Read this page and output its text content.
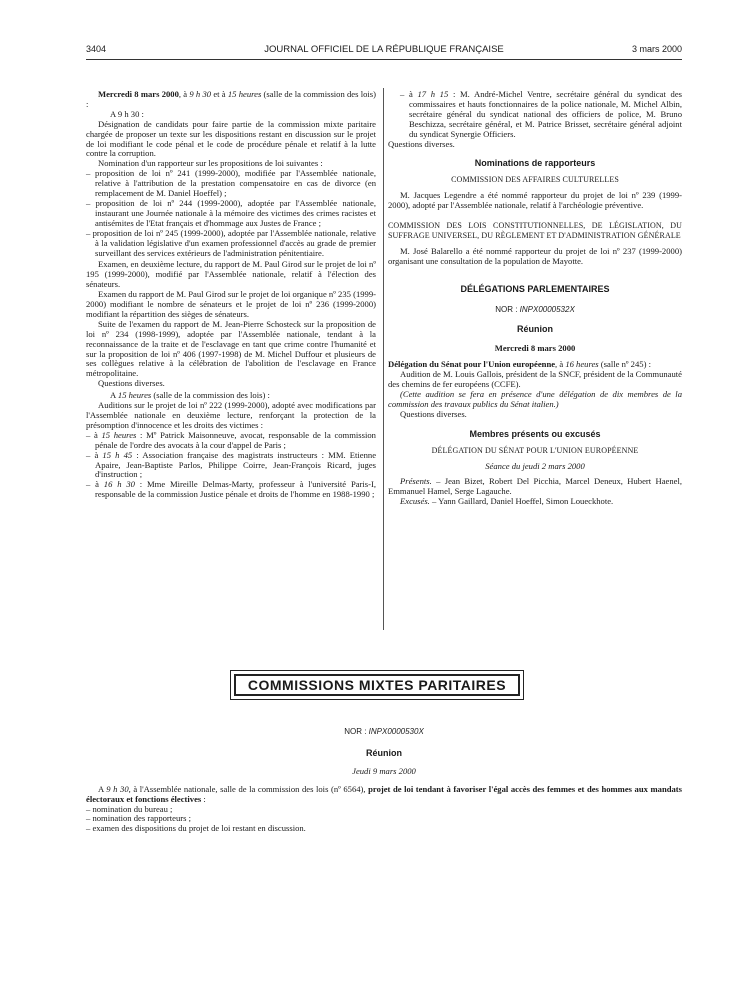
3404	JOURNAL OFFICIEL DE LA RÉPUBLIQUE FRANÇAISE	3 mars 2000

Mercredi 8 mars 2000, à 9 h 30 et à 15 heures (salle de la commission des lois) :

A 9 h 30 :

Désignation de candidats pour faire partie de la commission mixte paritaire chargée de proposer un texte sur les dispositions restant en discussion sur le projet de loi modifiant le code pénal et le code de procédure pénale et relatif à la lutte contre la corruption.

Nomination d'un rapporteur sur les propositions de loi suivantes :

– proposition de loi nº 241 (1999-2000), modifiée par l'Assemblée nationale, relative à l'attribution de la prestation compensatoire en cas de divorce (en remplacement de M. Daniel Hoeffel) ;

– proposition de loi nº 244 (1999-2000), adoptée par l'Assemblée nationale, instaurant une Journée nationale à la mémoire des victimes des crimes racistes et antisémites de l'Etat français et d'hommage aux Justes de France ;

– proposition de loi nº 245 (1999-2000), adoptée par l'Assemblée nationale, relative à la validation législative d'un examen professionnel d'accès au grade de premier surveillant des services extérieurs de l'administration pénitentiaire.

Examen, en deuxième lecture, du rapport de M. Paul Girod sur le projet de loi nº 195 (1999-2000), modifié par l'Assemblée nationale, relatif à l'élection des sénateurs.

Examen du rapport de M. Paul Girod sur le projet de loi organique nº 235 (1999-2000) modifiant le nombre de sénateurs et le projet de loi nº 236 (1999-2000) modifiant la répartition des sièges de sénateurs.

Suite de l'examen du rapport de M. Jean-Pierre Schosteck sur la proposition de loi nº 234 (1998-1999), adoptée par l'Assemblée nationale, tendant à la reconnaissance de la traite et de l'esclavage en tant que crime contre l'humanité et sur la proposition de loi nº 406 (1997-1998) de M. Michel Duffour et plusieurs de ses collègues relative à la célébration de l'abolition de l'esclavage en France métropolitaine.

Questions diverses.

A 15 heures (salle de la commission des lois) :

Auditions sur le projet de loi nº 222 (1999-2000), adopté avec modifications par l'Assemblée nationale en deuxième lecture, renforçant la protection de la présomption d'innocence et les droits des victimes :

– à 15 heures : Mº Patrick Maisonneuve, avocat, responsable de la commission pénale de l'ordre des avocats à la cour d'appel de Paris ;

– à 15 h 45 : Association française des magistrats instructeurs : MM. Etienne Apaire, Jean-Baptiste Parlos, Philippe Coirre, Jean-François Ricard, juges d'instruction ;

– à 16 h 30 : Mme Mireille Delmas-Marty, professeur à l'université Paris-I, responsable de la commission Justice pénale et droits de l'homme en 1988-1990 ;

– à 17 h 15 : M. André-Michel Ventre, secrétaire général du syndicat des commissaires et hauts fonctionnaires de la police nationale, M. Michel Albin, secrétaire général du syndicat national des officiers de police, M. Bruno Beschizza, secrétaire général, et M. Patrice Brisset, secrétaire général adjoint du syndicat Synergie Officiers.

Questions diverses.

Nominations de rapporteurs

COMMISSION DES AFFAIRES CULTURELLES

M. Jacques Legendre a été nommé rapporteur du projet de loi nº 239 (1999-2000), adopté par l'Assemblée nationale, relatif à l'archéologie préventive.

COMMISSION DES LOIS CONSTITUTIONNELLES, DE LÉGISLATION, DU SUFFRAGE UNIVERSEL, DU RÈGLEMENT ET D'ADMINISTRATION GÉNÉRALE

M. José Balarello a été nommé rapporteur du projet de loi nº 237 (1999-2000) organisant une consultation de la population de Mayotte.

DÉLÉGATIONS PARLEMENTAIRES

NOR : INPX0000532X

Réunion

Mercredi 8 mars 2000

Délégation du Sénat pour l'Union européenne, à 16 heures (salle nº 245) :

Audition de M. Louis Gallois, président de la SNCF, président de la Communauté des chemins de fer européens (CCFE).

(Cette audition se fera en présence d'une délégation de dix membres de la commission des travaux publics du Sénat italien.)

Questions diverses.

Membres présents ou excusés

DÉLÉGATION DU SÉNAT POUR L'UNION EUROPÉENNE

Séance du jeudi 2 mars 2000

Présents. – Jean Bizet, Robert Del Picchia, Marcel Deneux, Hubert Haenel, Emmanuel Hamel, Serge Lagauche.

Excusés. – Yann Gaillard, Daniel Hoeffel, Simon Loueckhote.

COMMISSIONS MIXTES PARITAIRES

NOR : INPX0000530X

Réunion

Jeudi 9 mars 2000

A 9 h 30, à l'Assemblée nationale, salle de la commission des lois (nº 6564), projet de loi tendant à favoriser l'égal accès des femmes et des hommes aux mandats électoraux et fonctions électives :

– nomination du bureau ;

– nomination des rapporteurs ;

– examen des dispositions du projet de loi restant en discussion.
